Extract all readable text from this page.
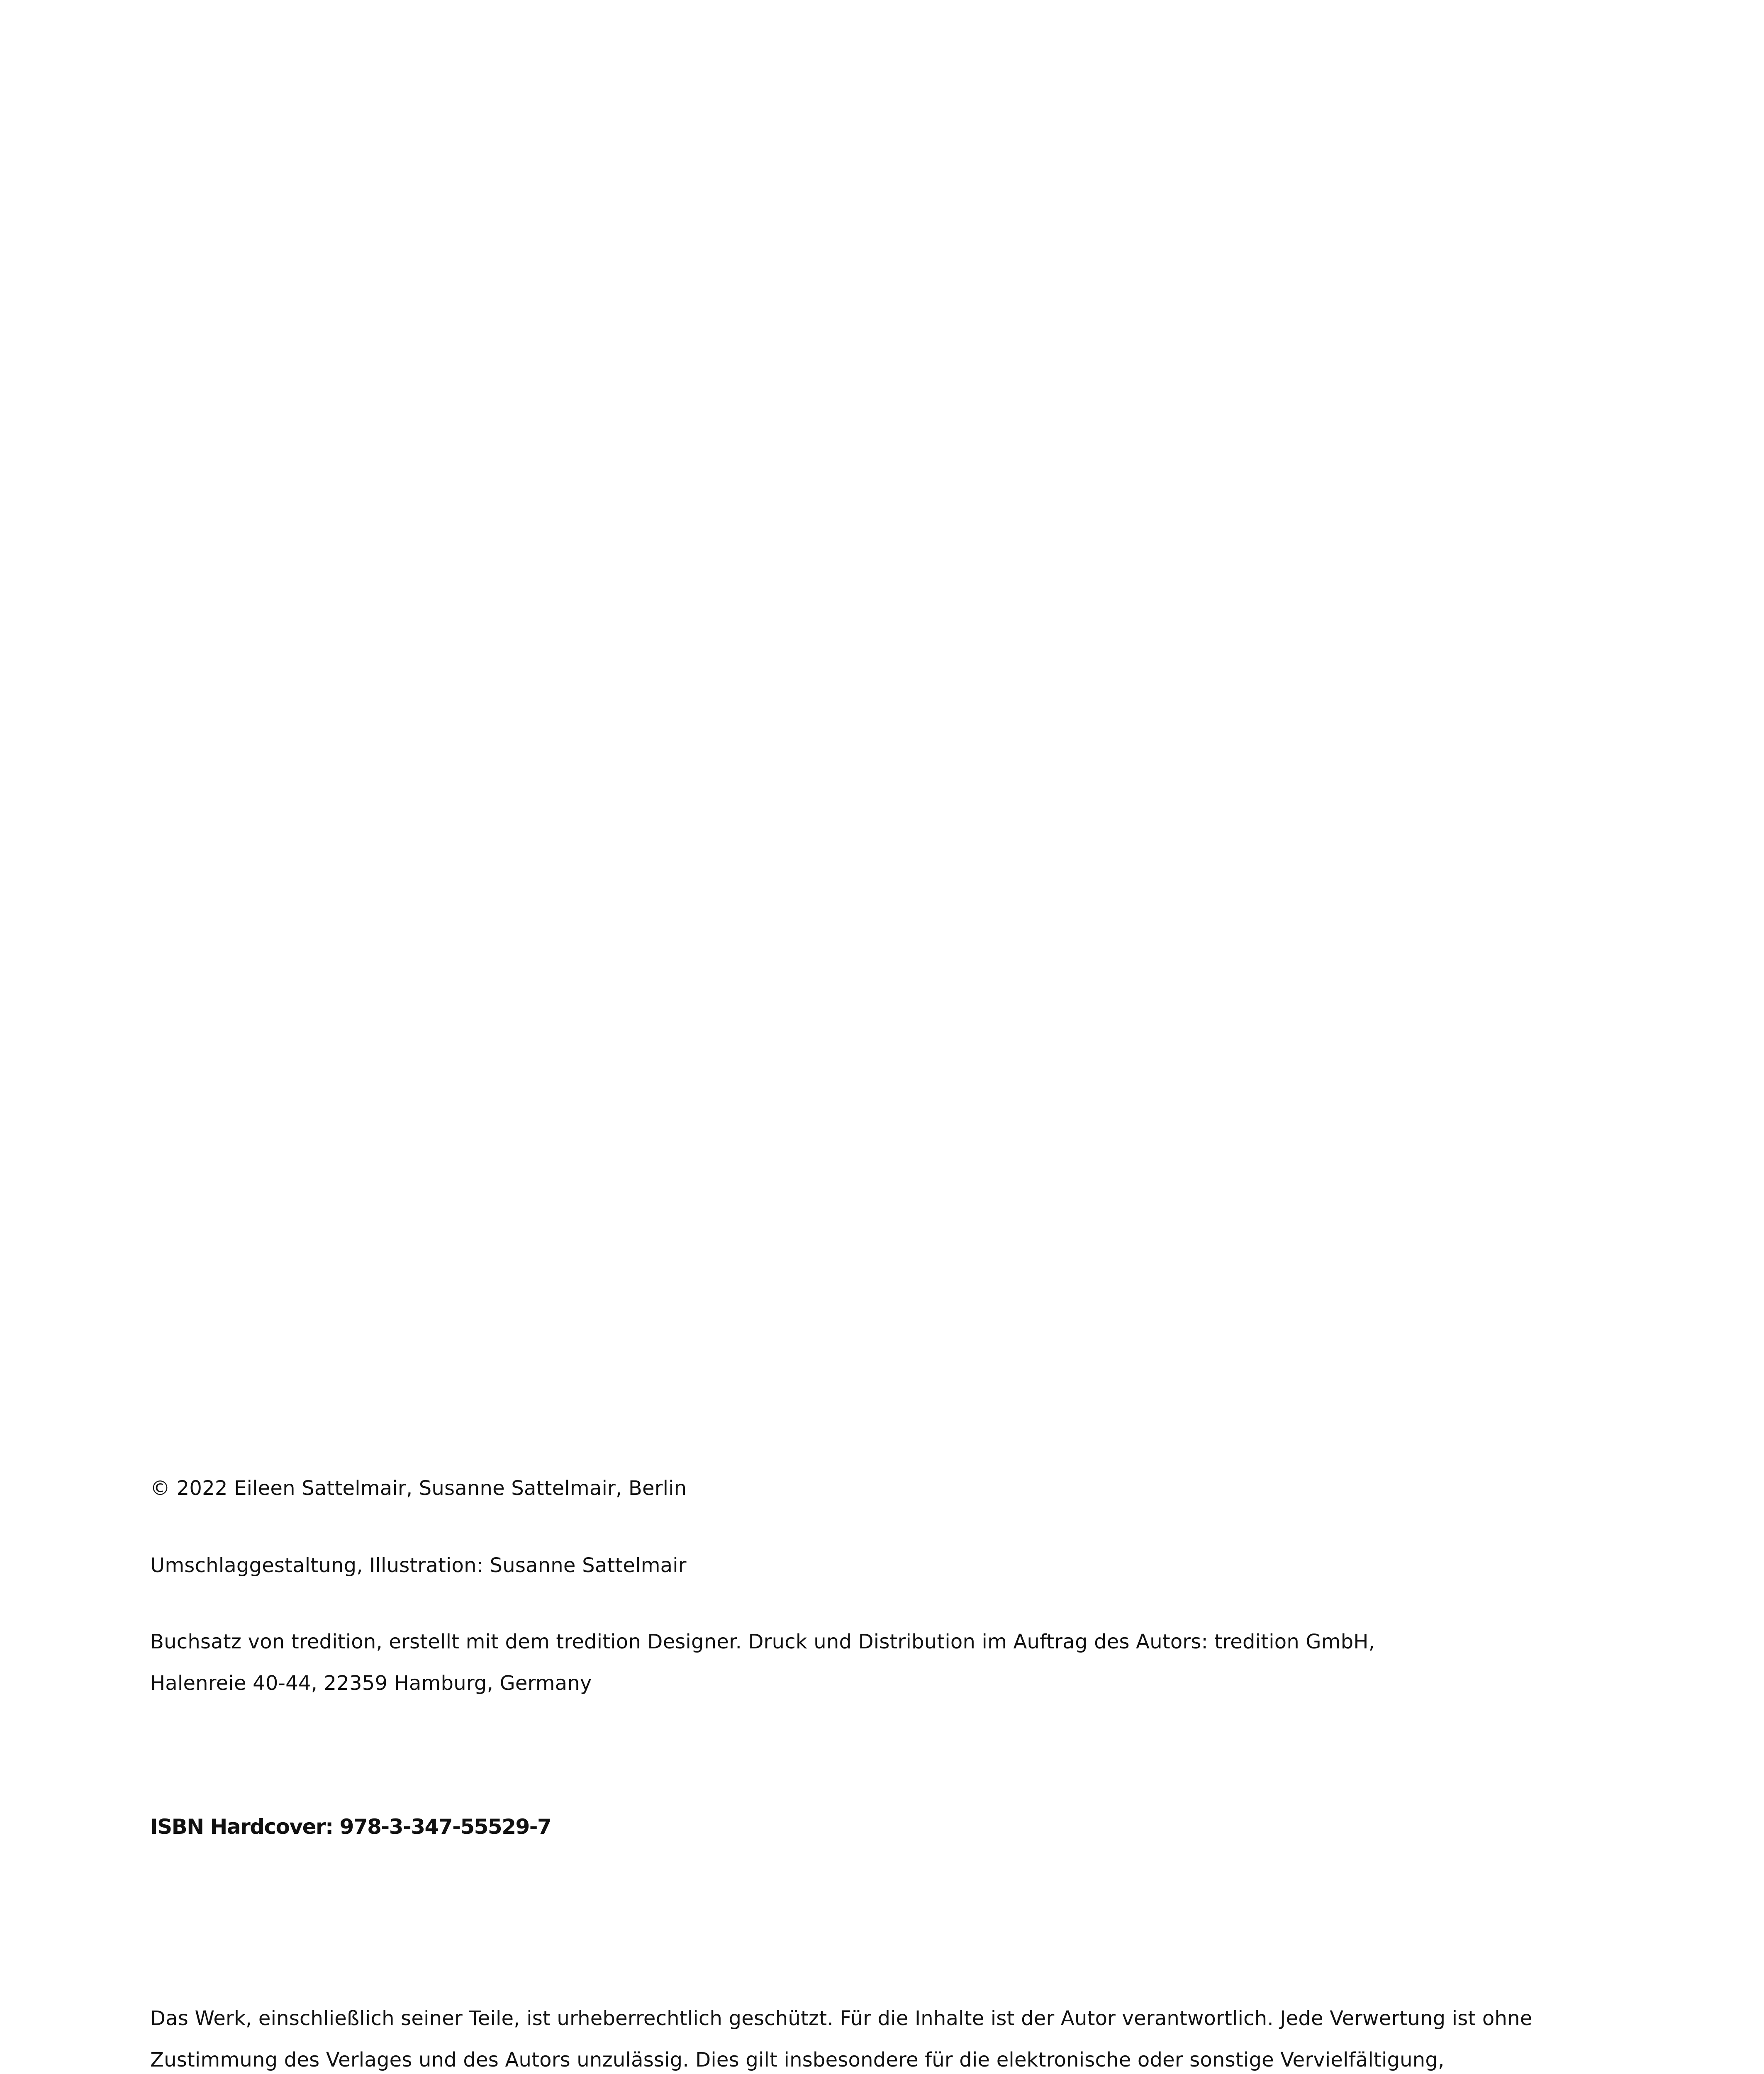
© 2022 Eileen Sattelmair, Susanne Sattelmair, Berlin

Umschlaggestaltung, Illustration: Susanne Sattelmair

Buchsatz von tredition, erstellt mit dem tredition Designer. Druck und Distribution im Auftrag des Autors: tredition GmbH,
Halenreie 40-44, 22359 Hamburg, Germany

ISBN Hardcover: 978-3-347-55529-7

Das Werk, einschließlich seiner Teile, ist urheberrechtlich geschützt. Für die Inhalte ist der Autor verantwortlich. Jede Verwertung ist ohne
Zustimmung des Verlages und des Autors unzulässig. Dies gilt insbesondere für die elektronische oder sonstige Vervielfältigung,
